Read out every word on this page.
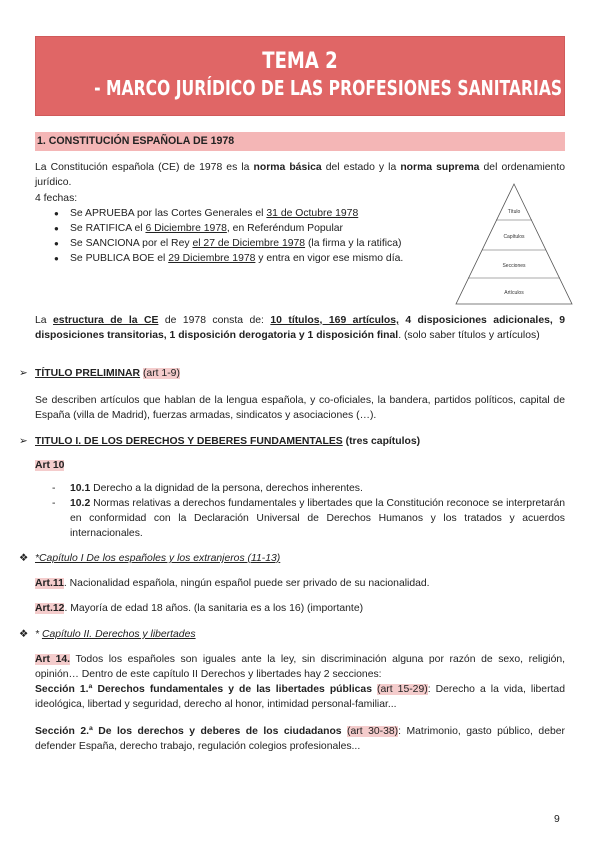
TEMA 2
- MARCO JURÍDICO DE LAS PROFESIONES SANITARIAS -
1. CONSTITUCIÓN ESPAÑOLA DE 1978
La Constitución española (CE) de 1978 es la norma básica del estado y la norma suprema del ordenamiento jurídico.
4 fechas:
● Se APRUEBA por las Cortes Generales el 31 de Octubre 1978
● Se RATIFICA el 6 Diciembre 1978, en Referéndum Popular
● Se SANCIONA por el Rey el 27 de Diciembre 1978 (la firma y la ratifica)
● Se PUBLICA BOE el 29 Diciembre 1978 y entra en vigor ese mismo día.
Título
Capítulos
Secciones
Artículos
La estructura de la CE de 1978 consta de: 10 títulos, 169 artículos, 4 disposiciones adicionales, 9 disposiciones transitorias, 1 disposición derogatoria y 1 disposición final. (solo saber títulos y artículos)
➢ TÍTULO PRELIMINAR (art 1-9)
Se describen artículos que hablan de la lengua española, y co-oficiales, la bandera, partidos políticos, capital de España (villa de Madrid), fuerzas armadas, sindicatos y asociaciones (…).
➢ TITULO I. DE LOS DERECHOS Y DEBERES FUNDAMENTALES (tres capítulos)
Art 10
- 10.1 Derecho a la dignidad de la persona, derechos inherentes.
- 10.2 Normas relativas a derechos fundamentales y libertades que la Constitución reconoce se interpretarán en conformidad con la Declaración Universal de Derechos Humanos y los tratados y acuerdos internacionales.
❖ *Capítulo I De los españoles y los extranjeros (11-13)
Art.11. Nacionalidad española, ningún español puede ser privado de su nacionalidad.
Art.12. Mayoría de edad 18 años. (la sanitaria es a los 16) (importante)
❖ * Capítulo II. Derechos y libertades
Art 14. Todos los españoles son iguales ante la ley, sin discriminación alguna por razón de sexo, religión, opinión… Dentro de este capítulo II Derechos y libertades hay 2 secciones:
Sección 1.ª Derechos fundamentales y de las libertades públicas (art 15-29): Derecho a la vida, libertad ideológica, libertad y seguridad, derecho al honor, intimidad personal-familiar...
Sección 2.ª De los derechos y deberes de los ciudadanos (art 30-38): Matrimonio, gasto público, deber defender España, derecho trabajo, regulación colegios profesionales...
9
